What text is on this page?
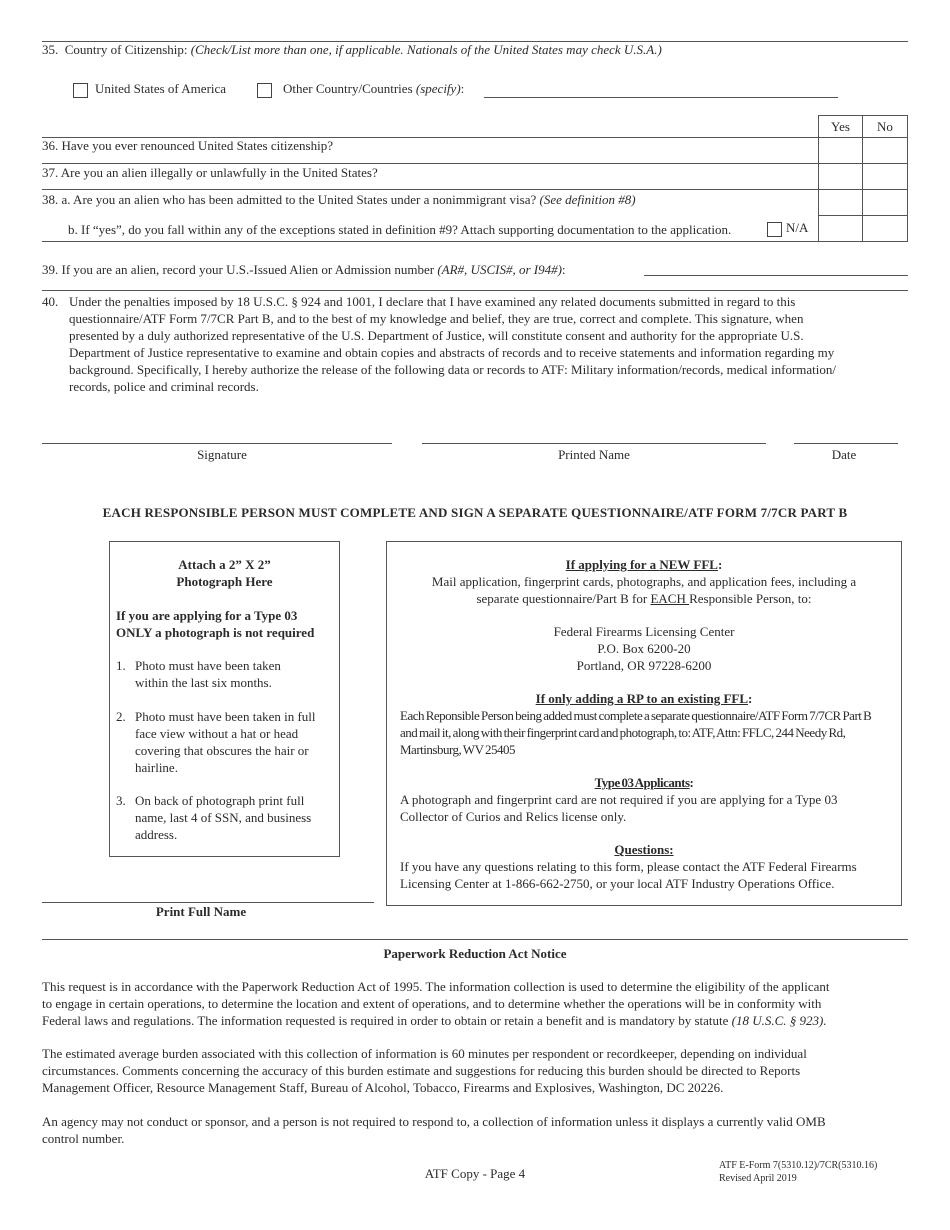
35. Country of Citizenship: (Check/List more than one, if applicable. Nationals of the United States may check U.S.A.)
United States of America	Other Country/Countries (specify):
Yes	No
36. Have you ever renounced United States citizenship?
37. Are you an alien illegally or unlawfully in the United States?
38. a. Are you an alien who has been admitted to the United States under a nonimmigrant visa? (See definition #8)
b. If “yes”, do you fall within any of the exceptions stated in definition #9? Attach supporting documentation to the application.	N/A
39. If you are an alien, record your U.S.-Issued Alien or Admission number (AR#, USCIS#, or I94#):
40. Under the penalties imposed by 18 U.S.C. § 924 and 1001, I declare that I have examined any related documents submitted in regard to this
questionnaire/ATF Form 7/7CR Part B, and to the best of my knowledge and belief, they are true, correct and complete. This signature, when
presented by a duly authorized representative of the U.S. Department of Justice, will constitute consent and authority for the appropriate U.S.
Department of Justice representative to examine and obtain copies and abstracts of records and to receive statements and information regarding my
background. Specifically, I hereby authorize the release of the following data or records to ATF: Military information/records, medical information/
records, police and criminal records.
Signature	Printed Name	Date
EACH RESPONSIBLE PERSON MUST COMPLETE AND SIGN A SEPARATE QUESTIONNAIRE/ATF FORM 7/7CR PART B
Attach a 2” X 2”
Photograph Here
If you are applying for a Type 03
ONLY a photograph is not required
1. Photo must have been taken
within the last six months.
2. Photo must have been taken in full
face view without a hat or head
covering that obscures the hair or
hairline.
3. On back of photograph print full
name, last 4 of SSN, and business
address.
Print Full Name
If applying for a NEW FFL:
Mail application, fingerprint cards, photographs, and application fees, including a
separate questionnaire/Part B for EACH Responsible Person, to:
Federal Firearms Licensing Center
P.O. Box 6200-20
Portland, OR 97228-6200
If only adding a RP to an existing FFL:
Each Reponsible Person being added must complete a separate questionnaire/ATF Form 7/7CR Part B
and mail it, along with their fingerprint card and photograph, to: ATF, Attn: FFLC, 244 Needy Rd,
Martinsburg, WV 25405
Type 03 Applicants:
A photograph and fingerprint card are not required if you are applying for a Type 03
Collector of Curios and Relics license only.
Questions:
If you have any questions relating to this form, please contact the ATF Federal Firearms
Licensing Center at 1-866-662-2750, or your local ATF Industry Operations Office.
Paperwork Reduction Act Notice
This request is in accordance with the Paperwork Reduction Act of 1995. The information collection is used to determine the eligibility of the applicant
to engage in certain operations, to determine the location and extent of operations, and to determine whether the operations will be in conformity with
Federal laws and regulations. The information requested is required in order to obtain or retain a benefit and is mandatory by statute (18 U.S.C. § 923).
The estimated average burden associated with this collection of information is 60 minutes per respondent or recordkeeper, depending on individual
circumstances. Comments concerning the accuracy of this burden estimate and suggestions for reducing this burden should be directed to Reports
Management Officer, Resource Management Staff, Bureau of Alcohol, Tobacco, Firearms and Explosives, Washington, DC 20226.
An agency may not conduct or sponsor, and a person is not required to respond to, a collection of information unless it displays a currently valid OMB
control number.
ATF Copy - Page 4
ATF E-Form 7(5310.12)/7CR(5310.16)
Revised April 2019
